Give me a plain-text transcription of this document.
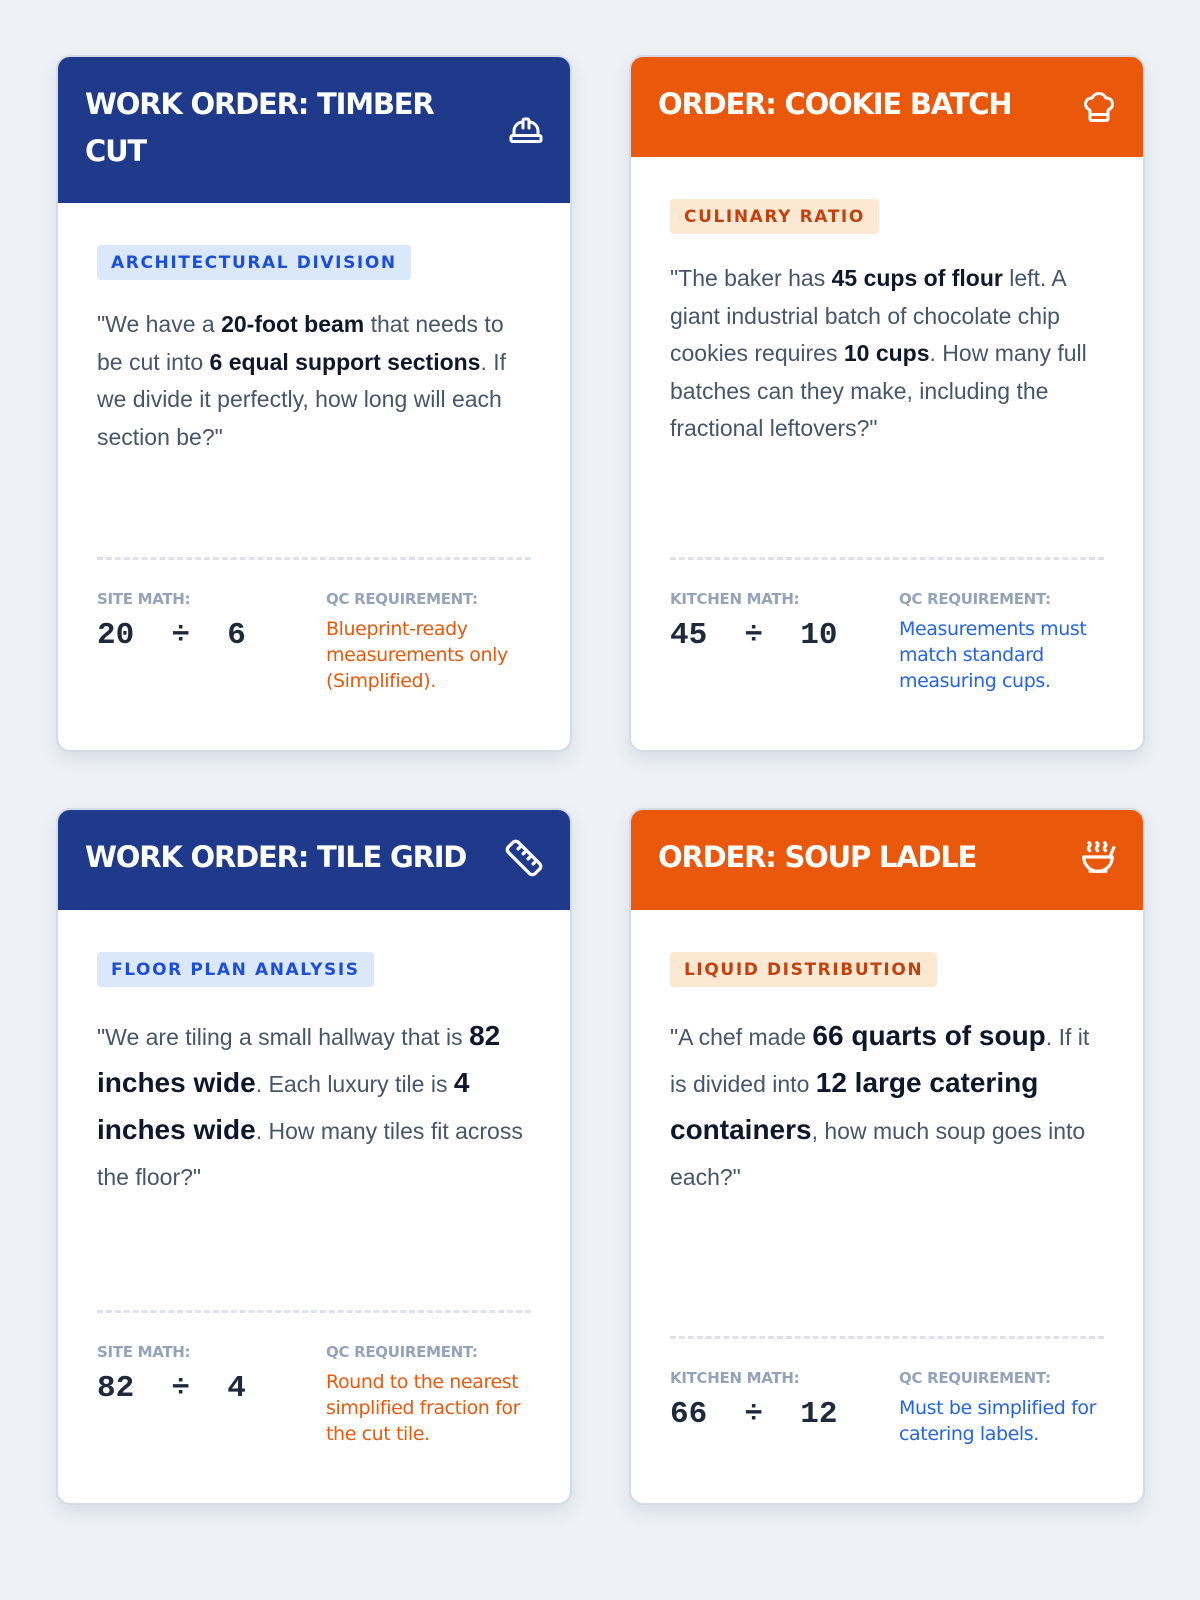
WORK ORDER: TIMBER CUT
ARCHITECTURAL DIVISION

"We have a 20-foot beam that needs to be cut into 6 equal support sections. If we divide it perfectly, how long will each section be?"

SITE MATH:
20  ÷  6
QC REQUIREMENT:
Blueprint-ready measurements only (Simplified).
ORDER: COOKIE BATCH
CULINARY RATIO

"The baker has 45 cups of flour left. A giant industrial batch of chocolate chip cookies requires 10 cups. How many full batches can they make, including the fractional leftovers?"

KITCHEN MATH:
45  ÷  10
QC REQUIREMENT:
Measurements must match standard measuring cups.
WORK ORDER: TILE GRID
FLOOR PLAN ANALYSIS

"We are tiling a small hallway that is 82 inches wide. Each luxury tile is 4 inches wide. How many tiles fit across the floor?"

SITE MATH:
82  ÷  4
QC REQUIREMENT:
Round to the nearest simplified fraction for the cut tile.
ORDER: SOUP LADLE
LIQUID DISTRIBUTION

"A chef made 66 quarts of soup. If it is divided into 12 large catering containers, how much soup goes into each?"

KITCHEN MATH:
66  ÷  12
QC REQUIREMENT:
Must be simplified for catering labels.
